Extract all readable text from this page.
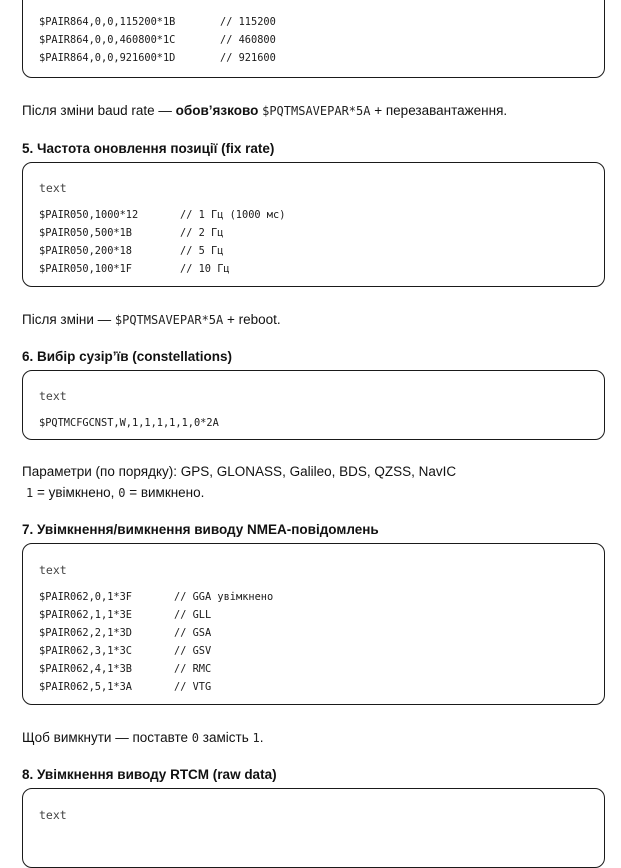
$PAIR864,0,0,115200*1B	// 115200
$PAIR864,0,0,460800*1C	// 460800
$PAIR864,0,0,921600*1D	// 921600
Після зміни baud rate — обов’язково $PQTMSAVEPAR*5A + перезавантаження.
5. Частота оновлення позиції (fix rate)
text
$PAIR050,1000*12	// 1 Гц (1000 мс)
$PAIR050,500*1B	// 2 Гц
$PAIR050,200*18	// 5 Гц
$PAIR050,100*1F	// 10 Гц
Після зміни — $PQTMSAVEPAR*5A + reboot.
6. Вибір сузір’їв (constellations)
text
$PQTMCFGCNST,W,1,1,1,1,1,0*2A
Параметри (по порядку): GPS, GLONASS, Galileo, BDS, QZSS, NavIC
1 = увімкнено, 0 = вимкнено.
7. Увімкнення/вимкнення виводу NMEA-повідомлень
text
$PAIR062,0,1*3F	// GGA увімкнено
$PAIR062,1,1*3E	// GLL
$PAIR062,2,1*3D	// GSA
$PAIR062,3,1*3C	// GSV
$PAIR062,4,1*3B	// RMC
$PAIR062,5,1*3A	// VTG
Щоб вимкнути — поставте 0 замість 1.
8. Увімкнення виводу RTCM (raw data)
text
